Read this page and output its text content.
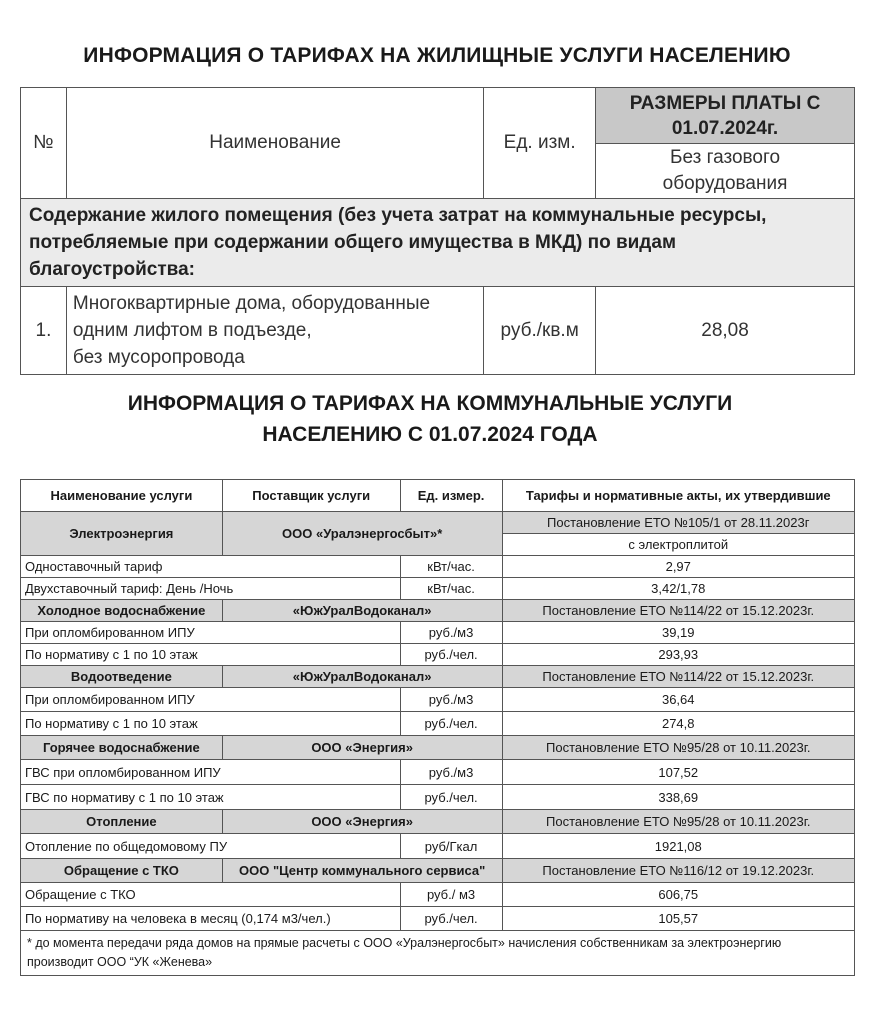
ИНФОРМАЦИЯ О ТАРИФАХ НА ЖИЛИЩНЫЕ УСЛУГИ НАСЕЛЕНИЮ
№	Наименование	Ед. изм.	РАЗМЕРЫ ПЛАТЫ С 01.07.2024г.
			Без газового оборудования
Содержание жилого помещения (без учета затрат на коммунальные ресурсы, потребляемые при содержании общего имущества в МКД) по видам благоустройства:			
1.	Многоквартирные дома, оборудованные
одним лифтом в подъезде,
без мусоропровода	руб./кв.м	28,08
ИНФОРМАЦИЯ О ТАРИФАХ НА КОММУНАЛЬНЫЕ УСЛУГИ
НАСЕЛЕНИЮ С 01.07.2024 ГОДА
Наименование услуги	Поставщик услуги	Ед. измер.	Тарифы и нормативные акты, их утвердившие
Электроэнергия	ООО «Уралэнергосбыт»*		Постановление ЕТО №105/1 от 28.11.2023г
			с электроплитой
Одноставочный тариф		кВт/час.	2,97
Двухставочный тариф: День /Ночь		кВт/час.	3,42/1,78
Холодное водоснабжение	«ЮжУралВодоканал»		Постановление ЕТО №114/22 от 15.12.2023г.
При опломбированном ИПУ		руб./м3	39,19
По нормативу с 1 по 10 этаж		руб./чел.	293,93
Водоотведение	«ЮжУралВодоканал»		Постановление ЕТО №114/22 от 15.12.2023г.
При опломбированном ИПУ		руб./м3	36,64
По нормативу с 1 по 10 этаж		руб./чел.	274,8
Горячее водоснабжение	ООО «Энергия»		Постановление ЕТО №95/28 от 10.11.2023г.
ГВС при опломбированном ИПУ		руб./м3	107,52
ГВС по нормативу с 1 по 10 этаж		руб./чел.	338,69
Отопление	ООО «Энергия»		Постановление ЕТО №95/28 от 10.11.2023г.
Отопление по общедомовому ПУ		руб/Гкал	1921,08
Обращение с ТКО	ООО "Центр коммунального сервиса"		Постановление ЕТО №116/12 от 19.12.2023г.
Обращение с ТКО		руб./ м3	606,75
По нормативу на человека в месяц (0,174 м3/чел.)		руб./чел.	105,57
* до момента передачи ряда домов на прямые расчеты с ООО «Уралэнергосбыт» начисления собственникам за электроэнергию производит ООО “УК «Женева»			
